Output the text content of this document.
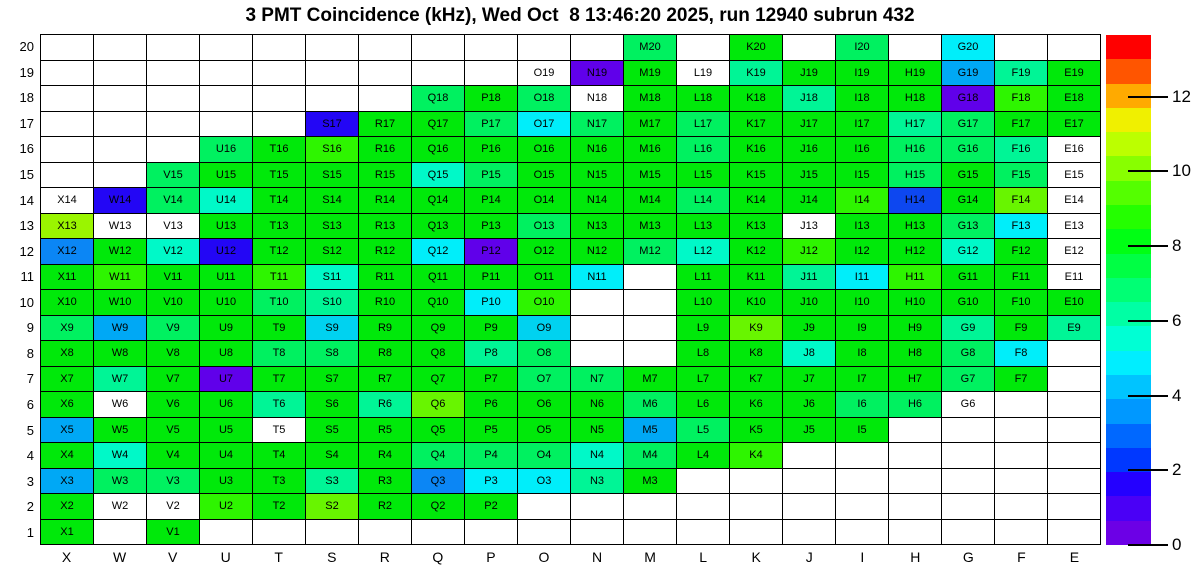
3 PMT Coincidence (kHz), Wed Oct  8 13:46:20 2025, run 12940 subrun 432
20
19
18
17
16
15
14
13
12
11
10
9
8
7
6
5
4
3
2
1
M20	K20	I20	G20
O19	N19	M19	L19	K19	J19	I19	H19	G19	F19	E19
Q18	P18	O18	N18	M18	L18	K18	J18	I18	H18	G18	F18	E18
S17	R17	Q17	P17	O17	N17	M17	L17	K17	J17	I17	H17	G17	F17	E17
U16	T16	S16	R16	Q16	P16	O16	N16	M16	L16	K16	J16	I16	H16	G16	F16	E16
V15	U15	T15	S15	R15	Q15	P15	O15	N15	M15	L15	K15	J15	I15	H15	G15	F15	E15
X14	W14	V14	U14	T14	S14	R14	Q14	P14	O14	N14	M14	L14	K14	J14	I14	H14	G14	F14	E14
X13	W13	V13	U13	T13	S13	R13	Q13	P13	O13	N13	M13	L13	K13	J13	I13	H13	G13	F13	E13
X12	W12	V12	U12	T12	S12	R12	Q12	P12	O12	N12	M12	L12	K12	J12	I12	H12	G12	F12	E12
X11	W11	V11	U11	T11	S11	R11	Q11	P11	O11	N11	L11	K11	J11	I11	H11	G11	F11	E11
X10	W10	V10	U10	T10	S10	R10	Q10	P10	O10	L10	K10	J10	I10	H10	G10	F10	E10
X9	W9	V9	U9	T9	S9	R9	Q9	P9	O9	L9	K9	J9	I9	H9	G9	F9	E9
X8	W8	V8	U8	T8	S8	R8	Q8	P8	O8	L8	K8	J8	I8	H8	G8	F8
X7	W7	V7	U7	T7	S7	R7	Q7	P7	O7	N7	M7	L7	K7	J7	I7	H7	G7	F7
X6	W6	V6	U6	T6	S6	R6	Q6	P6	O6	N6	M6	L6	K6	J6	I6	H6	G6
X5	W5	V5	U5	T5	S5	R5	Q5	P5	O5	N5	M5	L5	K5	J5	I5
X4	W4	V4	U4	T4	S4	R4	Q4	P4	O4	N4	M4	L4	K4
X3	W3	V3	U3	T3	S3	R3	Q3	P3	O3	N3	M3
X2	W2	V2	U2	T2	S2	R2	Q2	P2
X1	V1
X	W	V	U	T	S	R	Q	P	O	N	M	L	K	J	I	H	G	F	E
0
2
4
6
8
10
12
